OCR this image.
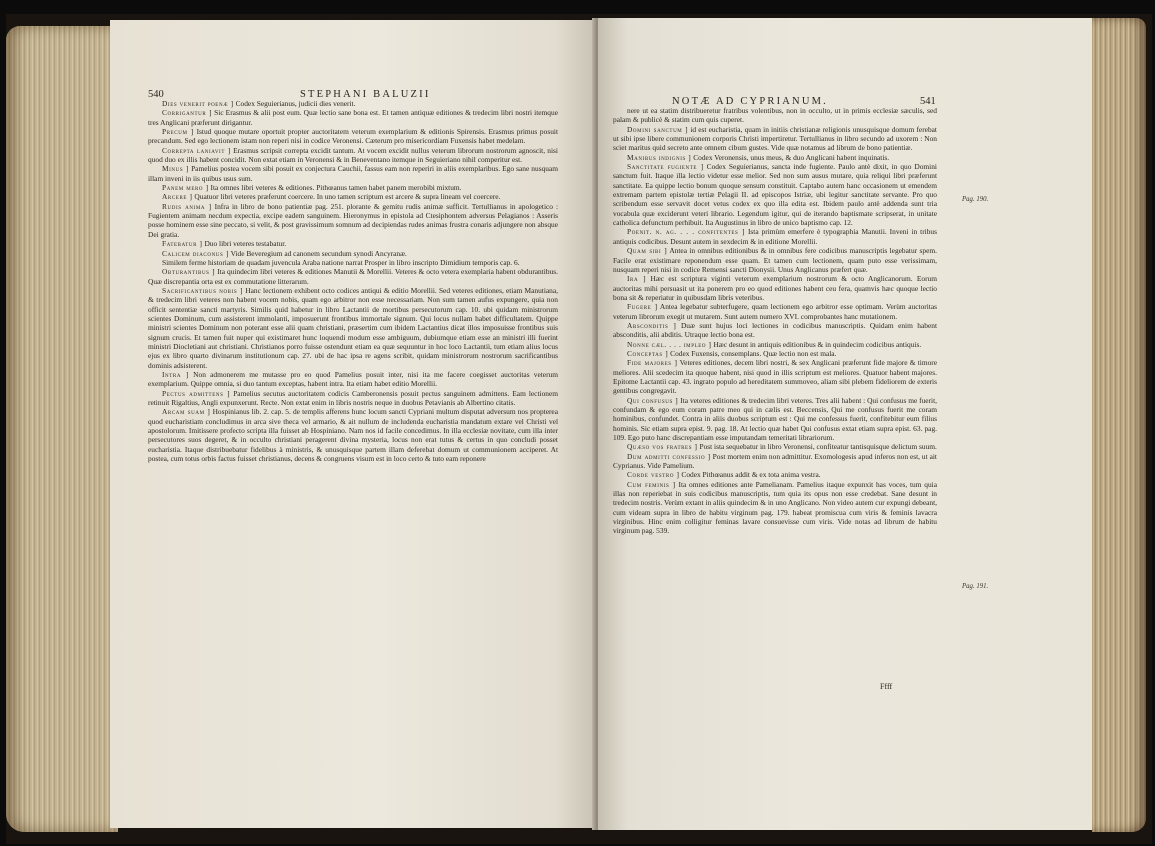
540	STEPHANI BALUZII
NOTÆ AD CYPRIANUM.	541
Pag. 190.
Pag. 191.
Ffff

Dies venerit poenæ ] Codex Seguierianus, judicii dies venerit.

Corrigantur ] Sic Erasmus & alii post eum. Quæ lectio sane bona est. Et tamen antiquæ editiones & tredecim libri nostri itemque tres Anglicani præferunt dirigantur.

Precum ] Istud quoque mutare oportuit propter auctoritatem veterum exemplarium & editionis Spirensis. Erasmus primus posuit precandum. Sed ego lectionem istam non reperi nisi in codice Veronensi. Cæterum pro misericordiam Fuxensis habet medelam.

Correpta laniavit ] Erasmus scripsit correpta excidit tantum. At vocem excidit nullus veterum librorum nostrorum agnoscit, nisi quod duo ex illis habent concidit. Non extat etiam in Veronensi & in Beneventano itemque in Seguieriano nihil comperitur est.

Minus ] Pamelius postea vocem sibi posuit ex conjectura Cauchii, fassus eam non reperiri in aliis exemplaribus. Ego sane nusquam illam inveni in iis quibus usus sum.

Panem mero ] Ita omnes libri veteres & editiones. Pithœanus tamen habet panem merobibi mixtum.

Arcere ] Quatuor libri veteres præferunt coercere. In uno tamen scriptum est arcere & supra lineam vel coercere.

Rudis anima ] Infra in libro de bono patientiæ pag. 251. plorante & gemitu rudis animæ sufficit. Tertullianus in apologetico : Fugientem animam necdum expectia, excipe eadem sanguinem. Hieronymus in epistola ad Ctesiphontem adversus Pelagianos : Asseris posse hominem esse sine peccato, si velit, & post gravissimum somnum ad decipiendas rudes animas frustra conaris adjungere non absque Dei gratia.

Fatebatur ] Duo libri veteres testabatur.

Calicem diaconus ] Vide Beveregium ad canonem secundum synodi Ancyranæ.

Similem ferme historiam de quadam juvencula Araba natione narrat Prosper in libro inscripto Dimidium temporis cap. 6.

Obturantibus ] Ita quindecim libri veteres & editiones Manutii & Morellii. Veteres & octo vetera exemplaria habent obdurantibus. Quæ discrepantia orta est ex commutatione litterarum.

Sacrificantibus nobis ] Hanc lectionem exhibent octo codices antiqui & editio Morellii. Sed veteres editiones, etiam Manutiana, & tredecim libri veteres non habent vocem nobis, quam ego arbitror non esse necessariam. Non sum tamen aufus expungere, quia non officit sententiæ sancti martyris. Similis quid habetur in libro Lactantii de mortibus persecutorum cap. 10. ubi quidam ministrorum scientes Dominum, cum assisterent immolanti, imposuerunt frontibus immortale signum. Qui locus nullam habet difficultatem. Quippe ministri scientes Dominum non poterant esse alii quam christiani, præsertim cum ibidem Lactantius dicat illos imposuisse frontibus suis signum crucis. Et tamen fuit nuper qui existimaret hunc loquendi modum esse ambiguum, dubiumque etiam esse an ministri illi fuerint ministri Diocletiani aut christiani. Christianos porro fuisse ostendunt etiam ea quæ sequuntur in hoc loco Lactantii, tum etiam alius locus ejus ex libro quarto divinarum institutionum cap. 27. ubi de hac ipsa re agens scribit, quidam ministrorum nostrorum sacrificantibus dominis adsisterent.

Intra ] Non admonerem me mutasse pro eo quod Pamelius posuit inter, nisi ita me facere coegisset auctoritas veterum exemplarium. Quippe omnia, si duo tantum exceptas, habent intra. Ita etiam habet editio Morellii.

Pectus admittens ] Pamelius secutus auctoritatem codicis Camberonensis posuit pectus sanguinem admittens. Eam lectionem retinuit Rigaltius, Angli expunxerunt. Recte. Non extat enim in libris nostris neque in duobus Petavianis ab Albertino citatis.

Arcam suam ] Hospinianus lib. 2. cap. 5. de templis afferens hunc locum sancti Cypriani multum disputat adversum nos propterea quod eucharistiam concludimus in arca sive theca vel armario, & ait nullum de includenda eucharistia mandatum extare vel Christi vel apostolorum. Imitissere profecto scripta illa fuisset ab Hospiniano. Nam nos id facile concedimus. In illa ecclesiæ novitate, cum illa inter persecutores suos degeret, & in occulto christiani peragerent divina mysteria, locus non erat tutus & certus in quo concludi posset eucharistia. Itaque distribuebatur fidelibus à ministris, & unusquisque partem illam deferebat domum ut communionem acciperet. At postea, cum totus orbis factus fuisset christianus, decens & congruens visum est in loco certo & tuto eam reponere

nere ut ea statim distribueretur fratribus volentibus, non in occulto, ut in primis ecclesiæ sæculis, sed palam & publicè & statim cum quis cuperet.

Domini sanctum ] id est eucharistia, quam in initiis christianæ religionis unusquisque domum ferebat ut sibi ipse libere communionem corporis Christi impertiretur. Tertullianus in libro secundo ad uxorem : Non sciet maritus quid secreto ante omnem cibum gustes. Vide quæ notamus ad librum de bono patientiæ.

Manibus indignis ] Codex Veronensis, unus meus, & duo Anglicani habent inquinatis.

Sanctitate fugiente ] Codex Seguierianus, sancta inde fugiente. Paulo antè dixit, in quo Domini sanctum fuit. Itaque illa lectio videtur esse melior. Sed non sum ausus mutare, quia reliqui libri præferunt sanctitate. Ea quippe lectio bonum quoque sensum constituit. Captabo autem hanc occasionem ut emendem extremam partem epistolæ tertiæ Pelagii II. ad episcopos Istriæ, ubi legitur sanctitate servante. Pro quo scribendum esse servavit docet vetus codex ex quo illa edita est. Ibidem paulo antè addenda sunt tria vocabula quæ exciderunt veteri librario. Legendum igitur, qui de iterando baptismate scripserat, in unitate catholica defunctum perhibuit. Ita Augustinus in libro de unico baptismo cap. 12.

Poenit. n. ag. . . . confitentes ] Ista primùm emerfere è typographia Manutii. Inveni in tribus antiquis codicibus. Desunt autem in sexdecim & in editione Morellii.

Quam sibi ] Antea in omnibus editionibus & in omnibus fere codicibus manuscriptis legebatur spem. Facile erat existimare reponendum esse quam. Et tamen cum lectionem, quam puto esse verissimam, nusquam reperi nisi in codice Remensi sancti Dionysii. Unus Anglicanus præfert quæ.

Ira ] Hæc est scriptura viginti veterum exemplarium nostrorum & octo Anglicanorum. Eorum auctoritas mihi persuasit ut ita ponerem pro eo quod editiones habent ceu fera, quamvis hæc quoque lectio bona sit & reperiatur in quibusdam libris veteribus.

Fugere ] Antea legebatur subterfugere, quam lectionem ego arbitror esse optimam. Verùm auctoritas veterum librorum exegit ut mutarem. Sunt autem numero XVI. comprobantes hanc mutationem.

Absconditis ] Duæ sunt hujus loci lectiones in codicibus manuscriptis. Quidam enim habent absconditis, alii abditis. Utraque lectio bona est.

Nonne cæl. . . . impleo ] Hæc desunt in antiquis editionibus & in quindecim codicibus antiquis.

Conceptas ] Codex Fuxensis, consemplans. Quæ lectio non est mala.

Fide majores ] Veteres editiones, decem libri nostri, & sex Anglicani præferunt fide majore & timore meliores. Alii scedecim ita quoque habent, nisi quod in illis scriptum est meliores. Quatuor habent majores. Epitome Lactantii cap. 43. ingrato populo ad hereditatem summoveo, aliam sibi plebem fideliorem de exteris gentibus congregavit.

Qui confusus ] Ita veteres editiones & tredecim libri veteres. Tres alii habent : Qui confusus me fuerit, confundam & ego eum coram patre meo qui in cælis est. Beccensis, Qui me confusus fuerit me coram hominibus, confundet. Contra in aliis duobus scriptum est : Qui me confessus fuerit, confitebitur eum filius hominis. Sic etiam supra epist. 9. pag. 18. At lectio quæ habet Qui confusus extat etiam supra epist. 63. pag. 109. Ego puto hanc discrepantiam esse imputandam temeritati librariorum.

Quæso vos fratres ] Post ista sequebatur in libro Veronensi, confiteatur tantisquisque delictum suum.

Dum admitti confessio ] Post mortem enim non admittitur. Exomologesis apud inferos non est, ut ait Cyprianus. Vide Pamelium.

Corde vestro ] Codex Pithœanus addit & ex tota anima vestra.

Cum feminis ] Ita omnes editiones ante Pamelianam. Pamelius itaque expunxit has voces, tum quia illas non reperiebat in suis codicibus manuscriptis, tum quia its opus non esse credebat. Sane desunt in tredecim nostris. Verùm extant in aliis quindecim & in uno Anglicano. Non video autem cur expungi debeant, cum videam supra in libro de habitu virginum pag. 179. habeat promiscua cum viris & feminis lavacra virginibus. Hinc enim colligitur feminas lavare consuevisse cum viris. Vide notas ad librum de habitu virginum pag. 539.
